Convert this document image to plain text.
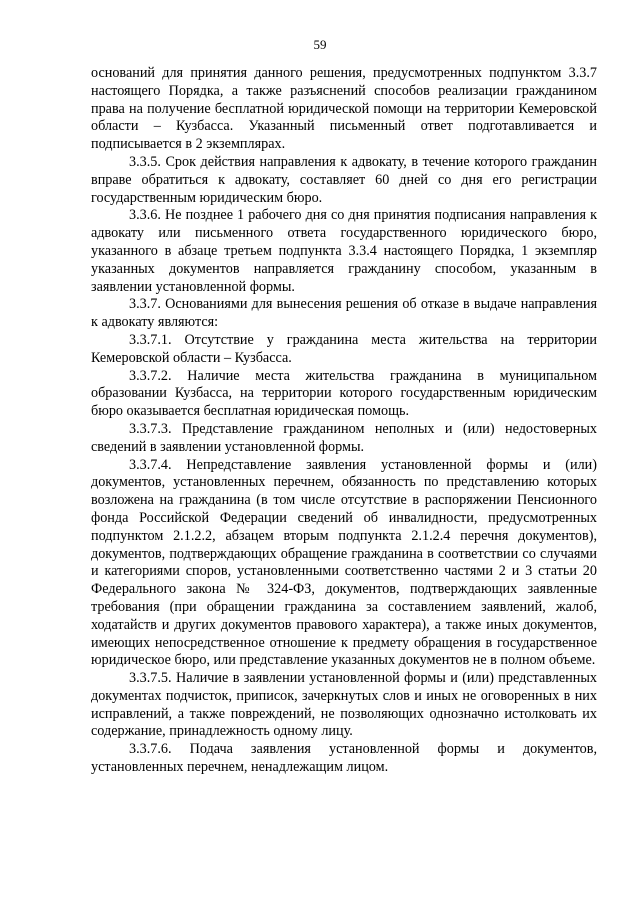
59

оснований для принятия данного решения, предусмотренных подпунктом 3.3.7 настоящего Порядка, а также разъяснений способов реализации гражданином права на получение бесплатной юридической помощи на территории Кемеровской области – Кузбасса. Указанный письменный ответ подготавливается и подписывается в 2 экземплярах.

3.3.5. Срок действия направления к адвокату, в течение которого гражданин вправе обратиться к адвокату, составляет 60 дней со дня его регистрации государственным юридическим бюро.

3.3.6. Не позднее 1 рабочего дня со дня принятия подписания направления к адвокату или письменного ответа государственного юридического бюро, указанного в абзаце третьем подпункта 3.3.4 настоящего Порядка, 1 экземпляр указанных документов направляется гражданину способом, указанным в заявлении установленной формы.

3.3.7. Основаниями для вынесения решения об отказе в выдаче направления к адвокату являются:

3.3.7.1. Отсутствие у гражданина места жительства на территории Кемеровской области – Кузбасса.

3.3.7.2. Наличие места жительства гражданина в муниципальном образовании Кузбасса, на территории которого государственным юридическим бюро оказывается бесплатная юридическая помощь.

3.3.7.3. Представление гражданином неполных и (или) недостоверных сведений в заявлении установленной формы.

3.3.7.4. Непредставление заявления установленной формы и (или) документов, установленных перечнем, обязанность по представлению которых возложена на гражданина (в том числе отсутствие в распоряжении Пенсионного фонда Российской Федерации сведений об инвалидности, предусмотренных подпунктом 2.1.2.2, абзацем вторым подпункта 2.1.2.4 перечня документов), документов, подтверждающих обращение гражданина в соответствии со случаями и категориями споров, установленными соответственно частями 2 и 3 статьи 20 Федерального закона № 324-ФЗ, документов, подтверждающих заявленные требования (при обращении гражданина за составлением заявлений, жалоб, ходатайств и других документов правового характера), а также иных документов, имеющих непосредственное отношение к предмету обращения в государственное юридическое бюро, или представление указанных документов не в полном объеме.

3.3.7.5. Наличие в заявлении установленной формы и (или) представленных документах подчисток, приписок, зачеркнутых слов и иных не оговоренных в них исправлений, а также повреждений, не позволяющих однозначно истолковать их содержание, принадлежность одному лицу.

3.3.7.6. Подача заявления установленной формы и документов, установленных перечнем, ненадлежащим лицом.
